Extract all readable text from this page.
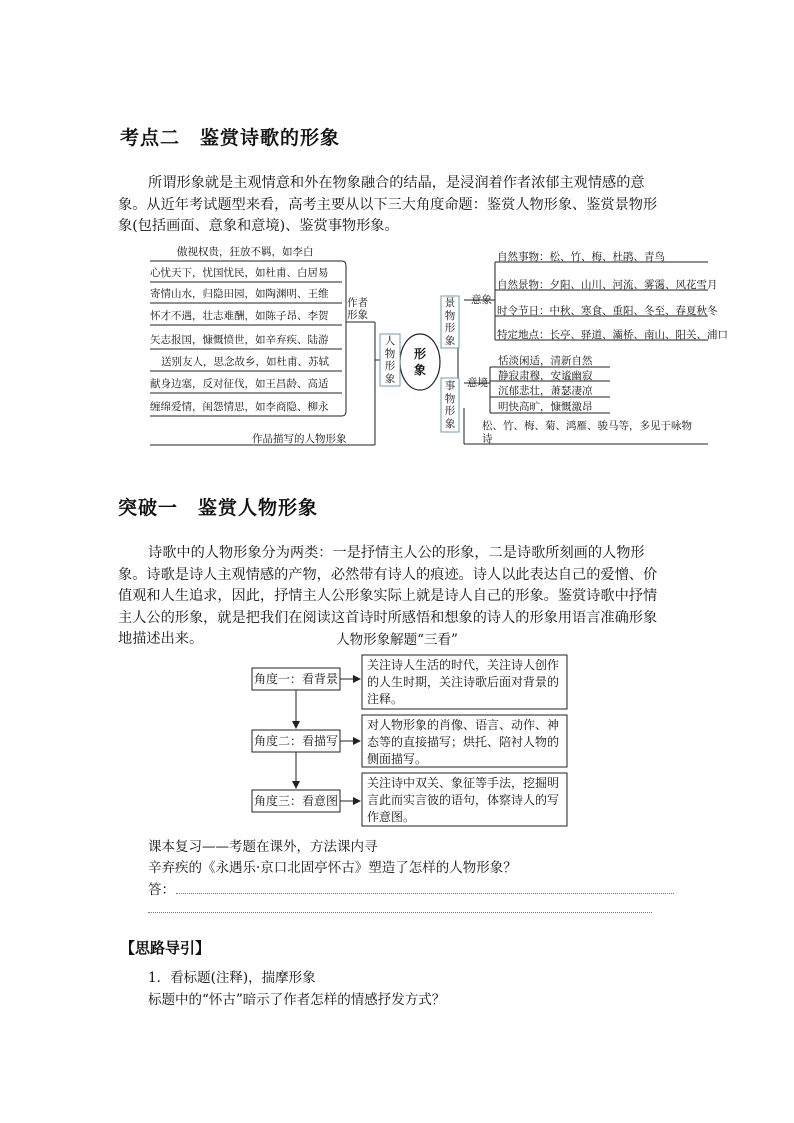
考点二　鉴赏诗歌的形象
所谓形象就是主观情意和外在物象融合的结晶，是浸润着作者浓郁主观情感的意象。从近年考试题型来看，高考主要从以下三大角度命题：鉴赏人物形象、鉴赏景物形象(包括画面、意象和意境)、鉴赏事物形象。
傲视权贵，狂放不羁，如李白
心忧天下，忧国忧民，如杜甫、白居易
寄情山水，归隐田园，如陶渊明、王维
怀才不遇，壮志难酬，如陈子昂、李贺
矢志报国，慷慨愤世，如辛弃疾、陆游
送别友人，思念故乡，如杜甫、苏轼
献身边塞，反对征伐，如王昌龄、高适
缠绵爱情，闺怨情思，如李商隐、柳永
作品描写的人物形象
作者形象
人物形象
形象
景物形象
事物形象
意象
自然事物：松、竹、梅、杜鹃、青鸟
自然景物：夕阳、山川、河流、雾霭、风花雪月
时令节日：中秋、寒食、重阳、冬至、春夏秋冬
特定地点：长亭、驿道、灞桥、南山、阳关、浦口
意境
恬淡闲适，清新自然
静寂肃穆，安谧幽寂
沉郁悲壮，萧瑟凄凉
明快高旷，慷慨激昂
松、竹、梅、菊、鸿雁、骏马等，多见于咏物诗
突破一　鉴赏人物形象
诗歌中的人物形象分为两类：一是抒情主人公的形象，二是诗歌所刻画的人物形象。诗歌是诗人主观情感的产物，必然带有诗人的痕迹。诗人以此表达自己的爱憎、价值观和人生追求，因此，抒情主人公形象实际上就是诗人自己的形象。鉴赏诗歌中抒情主人公的形象，就是把我们在阅读这首诗时所感悟和想象的诗人的形象用语言准确形象地描述出来。	人物形象解题“三看”
角度一：看背景
角度二：看描写
角度三：看意图
关注诗人生活的时代，关注诗人创作的人生时期，关注诗歌后面对背景的注释。
对人物形象的肖像、语言、动作、神态等的直接描写；烘托、陪衬人物的侧面描写。
关注诗中双关、象征等手法，挖掘明言此而实言彼的语句，体察诗人的写作意图。
课本复习——考题在课外，方法课内寻
辛弃疾的《永遇乐·京口北固亭怀古》塑造了怎样的人物形象？
答：
【思路导引】
1．看标题(注释)，揣摩形象
标题中的“怀古”暗示了作者怎样的情感抒发方式？
